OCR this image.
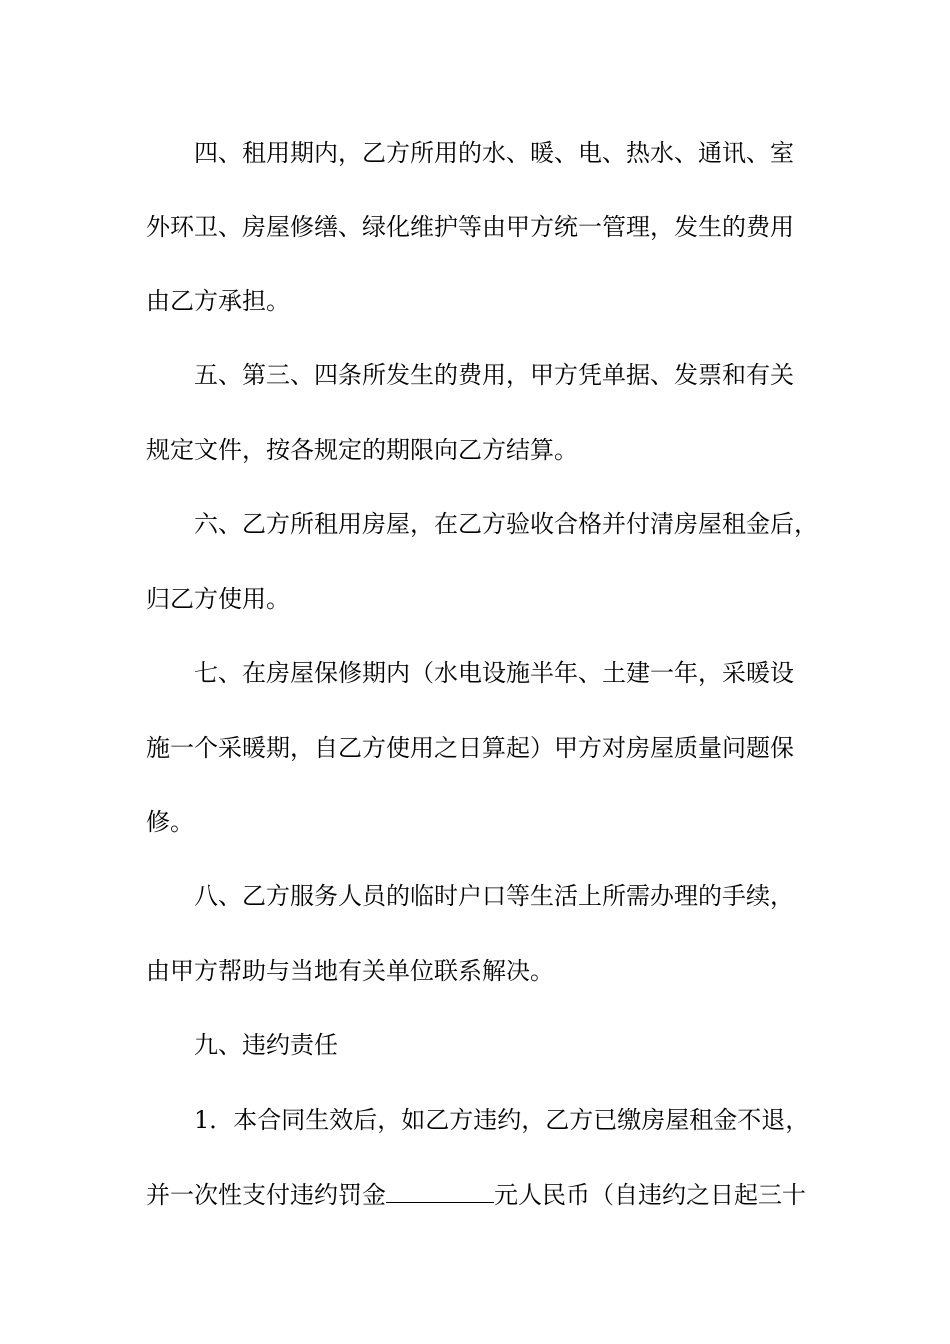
四、租用期内，乙方所用的水、暖、电、热水、通讯、室
外环卫、房屋修缮、绿化维护等由甲方统一管理，发生的费用
由乙方承担。
五、第三、四条所发生的费用，甲方凭单据、发票和有关
规定文件，按各规定的期限向乙方结算。
六、乙方所租用房屋，在乙方验收合格并付清房屋租金后，
归乙方使用。
七、在房屋保修期内（水电设施半年、土建一年，采暖设
施一个采暖期，自乙方使用之日算起）甲方对房屋质量问题保
修。
八、乙方服务人员的临时户口等生活上所需办理的手续，
由甲方帮助与当地有关单位联系解决。
九、违约责任
1．本合同生效后，如乙方违约，乙方已缴房屋租金不退，
并一次性支付违约罚金	元人民币（自违约之日起三十
